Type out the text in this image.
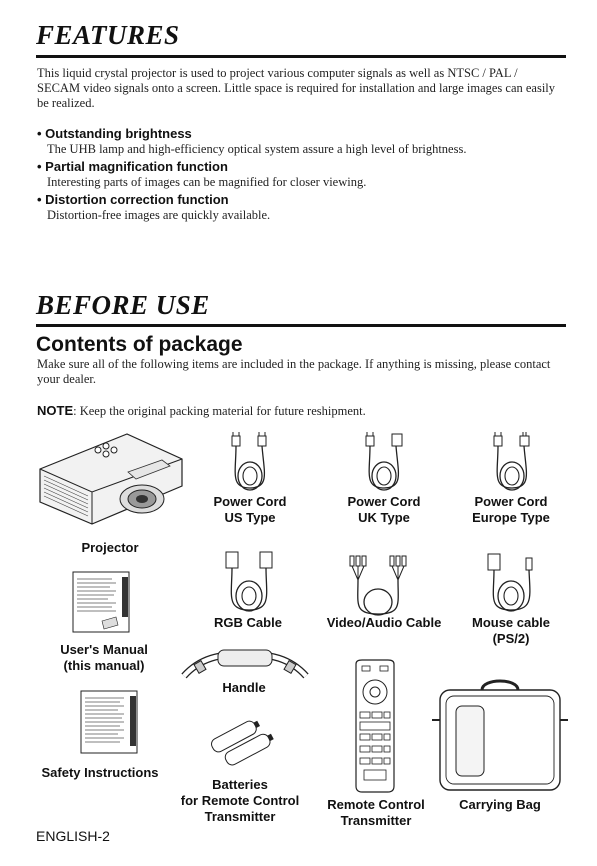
FEATURES
This liquid crystal projector is used to project various computer signals as well as NTSC / PAL / SECAM video signals onto a screen. Little space is required for installation and large images can easily be realized.
• Outstanding brightness
The UHB lamp and high-efficiency optical system assure a high level of brightness.
• Partial magnification function
Interesting parts of images can be magnified for closer viewing.
• Distortion correction function
Distortion-free images are quickly available.
BEFORE USE
Contents of package
Make sure all of the following items are included in the package. If anything is missing, please contact your dealer.
NOTE: Keep the original packing material for future reshipment.
Projector
Power Cord
US Type
Power Cord
UK Type
Power Cord
Europe Type
User's Manual
(this manual)
RGB Cable	Video/Audio Cable	Mouse cable
(PS/2)
Handle
Safety Instructions
Batteries
for Remote Control
Transmitter
Remote Control
Transmitter
Carrying Bag
ENGLISH-2
